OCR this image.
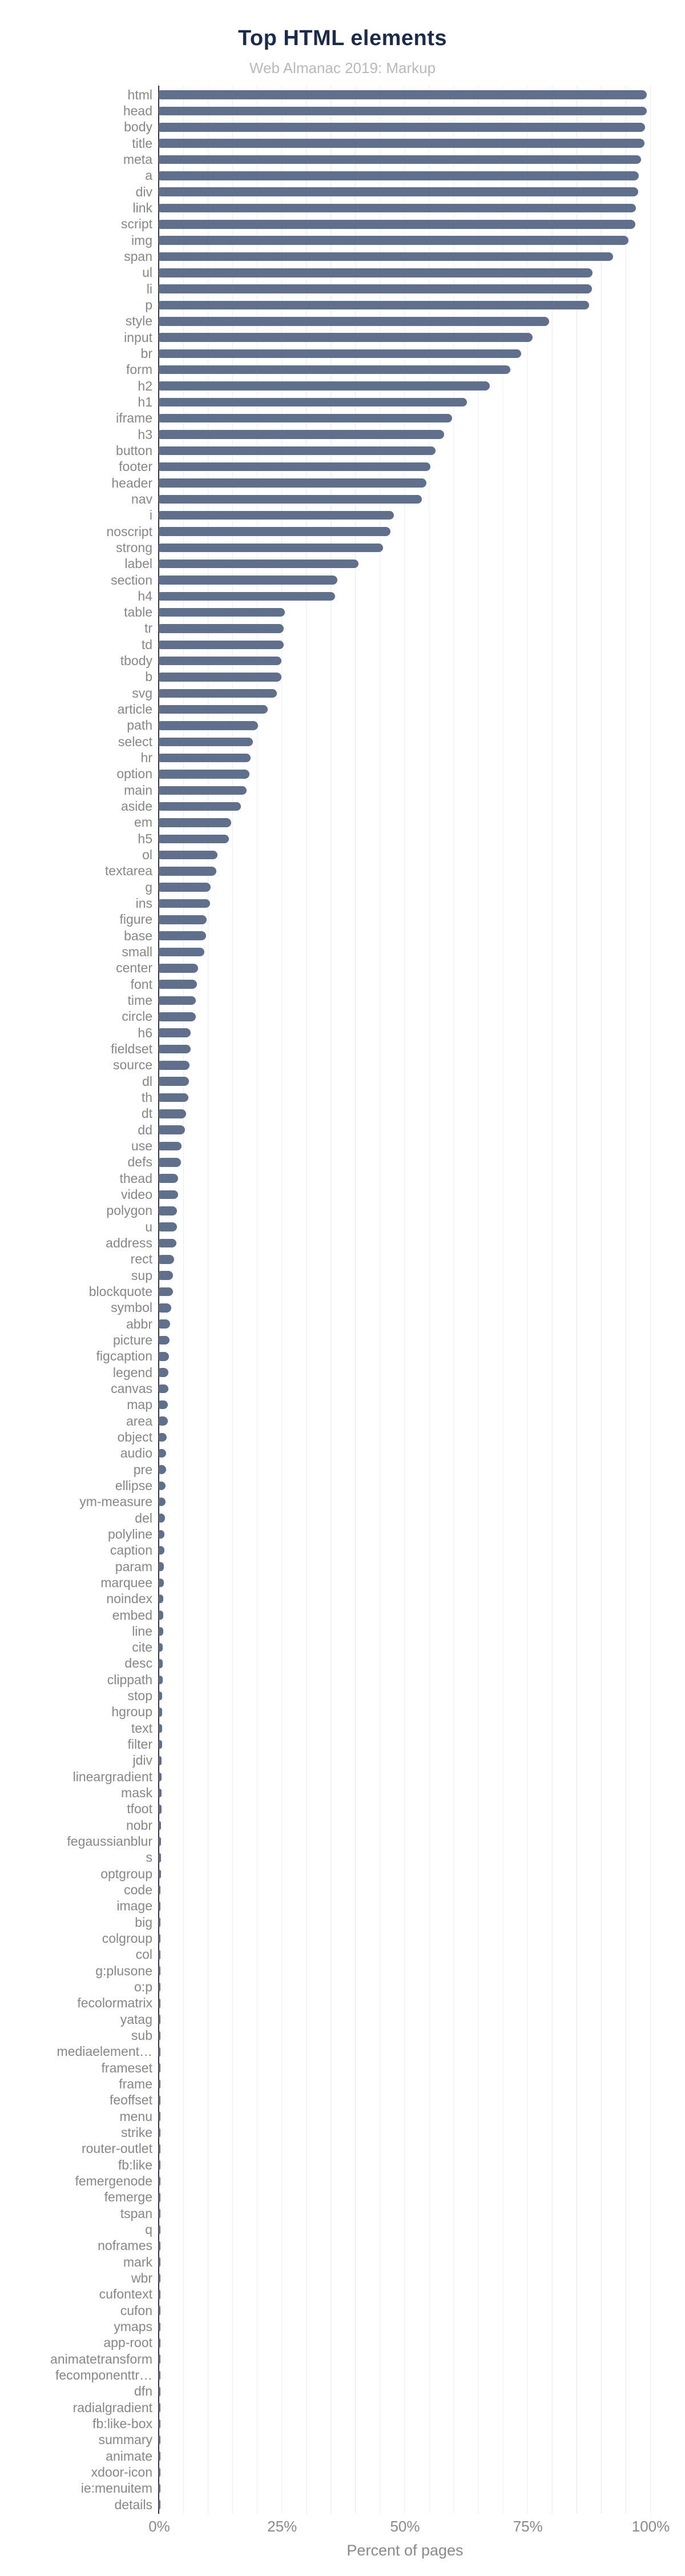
Top HTML elements
Web Almanac 2019: Markup
html
head
body
title
meta
a
div
link
script
img
span
ul
li
p
style
input
br
form
h2
h1
iframe
h3
button
footer
header
nav
i
noscript
strong
label
section
h4
table
tr
td
tbody
b
svg
article
path
select
hr
option
main
aside
em
h5
ol
textarea
g
ins
figure
base
small
center
font
time
circle
h6
fieldset
source
dl
th
dt
dd
use
defs
thead
video
polygon
u
address
rect
sup
blockquote
symbol
abbr
picture
figcaption
legend
canvas
map
area
object
audio
pre
ellipse
ym-measure
del
polyline
caption
param
marquee
noindex
embed
line
cite
desc
clippath
stop
hgroup
text
filter
jdiv
lineargradient
mask
tfoot
nobr
fegaussianblur
s
optgroup
code
image
big
colgroup
col
g:plusone
o:p
fecolormatrix
yatag
sub
mediaelement…
frameset
frame
feoffset
menu
strike
router-outlet
fb:like
femergenode
femerge
tspan
q
noframes
mark
wbr
cufontext
cufon
ymaps
app-root
animatetransform
fecomponenttr…
dfn
radialgradient
fb:like-box
summary
animate
xdoor-icon
ie:menuitem
details
0%	25%	50%	75%	100%
Percent of pages
